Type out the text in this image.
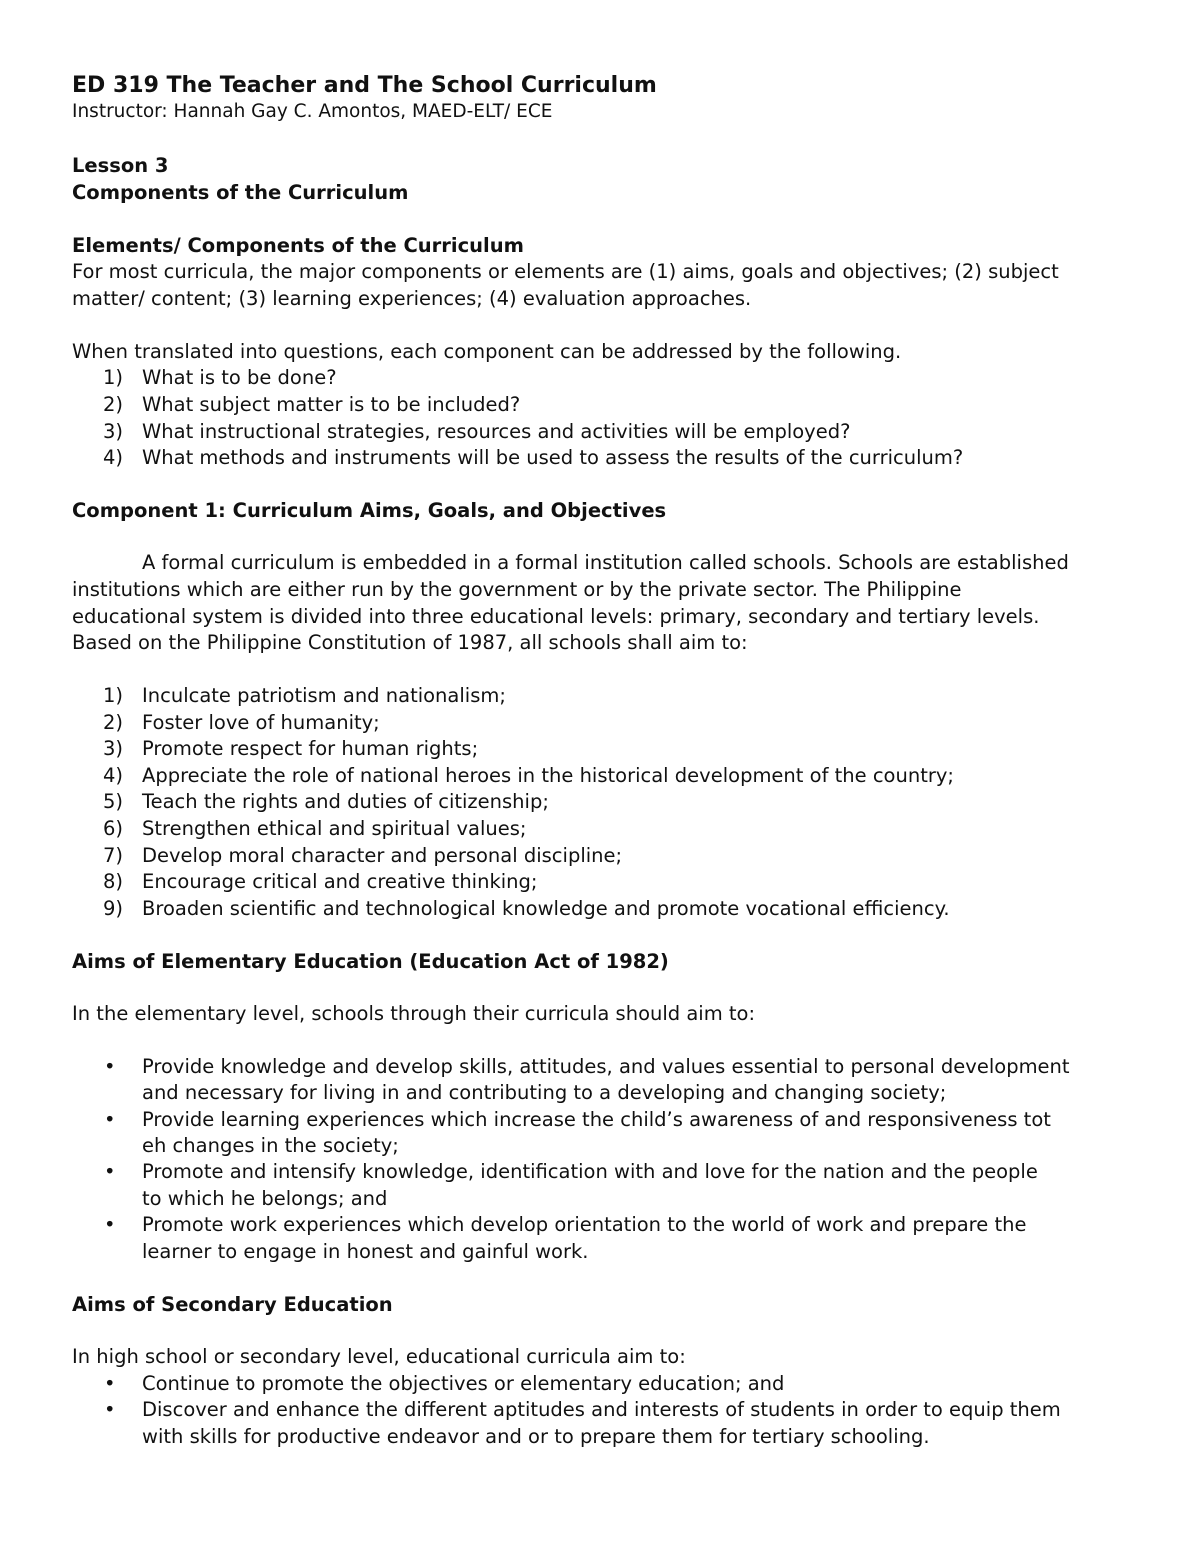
ED 319 The Teacher and The School Curriculum
Instructor: Hannah Gay C. Amontos, MAED-ELT/ ECE
Lesson 3
Components of the Curriculum
Elements/ Components of the Curriculum
For most curricula, the major components or elements are (1) aims, goals and objectives; (2) subject
matter/ content; (3) learning experiences; (4) evaluation approaches.
When translated into questions, each component can be addressed by the following.
1) What is to be done?
2) What subject matter is to be included?
3) What instructional strategies, resources and activities will be employed?
4) What methods and instruments will be used to assess the results of the curriculum?
Component 1: Curriculum Aims, Goals, and Objectives
A formal curriculum is embedded in a formal institution called schools. Schools are established
institutions which are either run by the government or by the private sector. The Philippine
educational system is divided into three educational levels: primary, secondary and tertiary levels.
Based on the Philippine Constitution of 1987, all schools shall aim to:
1) Inculcate patriotism and nationalism;
2) Foster love of humanity;
3) Promote respect for human rights;
4) Appreciate the role of national heroes in the historical development of the country;
5) Teach the rights and duties of citizenship;
6) Strengthen ethical and spiritual values;
7) Develop moral character and personal discipline;
8) Encourage critical and creative thinking;
9) Broaden scientific and technological knowledge and promote vocational efficiency.
Aims of Elementary Education (Education Act of 1982)
In the elementary level, schools through their curricula should aim to:
• Provide knowledge and develop skills, attitudes, and values essential to personal development
and necessary for living in and contributing to a developing and changing society;
• Provide learning experiences which increase the child’s awareness of and responsiveness tot
eh changes in the society;
• Promote and intensify knowledge, identification with and love for the nation and the people
to which he belongs; and
• Promote work experiences which develop orientation to the world of work and prepare the
learner to engage in honest and gainful work.
Aims of Secondary Education
In high school or secondary level, educational curricula aim to:
• Continue to promote the objectives or elementary education; and
• Discover and enhance the different aptitudes and interests of students in order to equip them
with skills for productive endeavor and or to prepare them for tertiary schooling.
